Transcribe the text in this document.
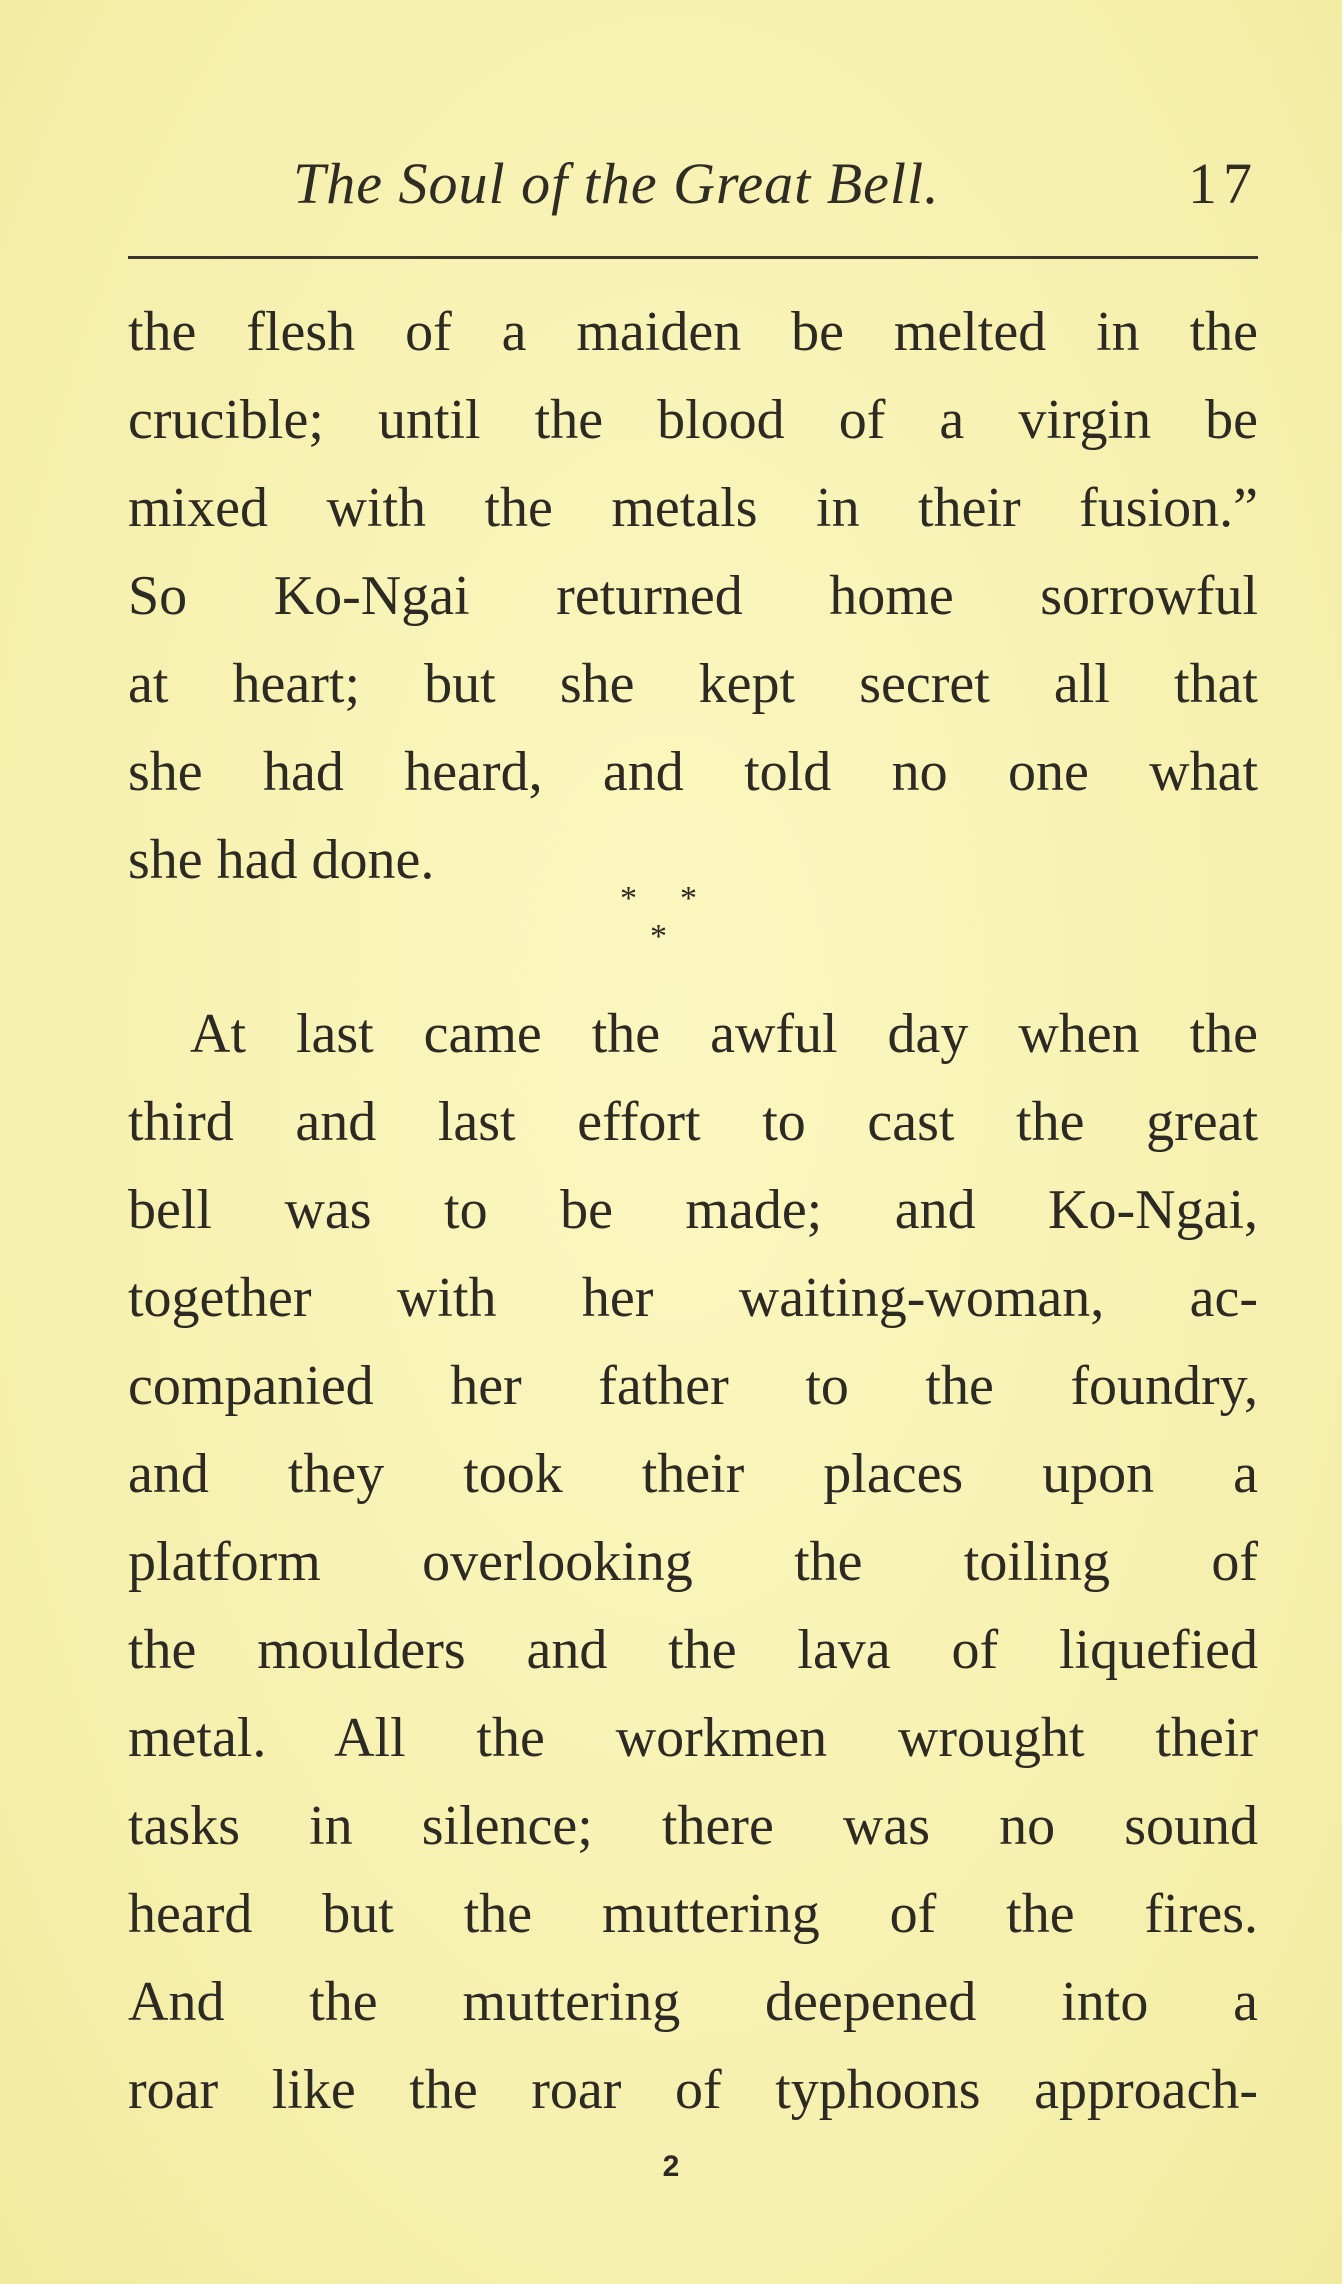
The Soul of the Great Bell.	17
the flesh of a maiden be melted in the
crucible; until the blood of a virgin be
mixed with the metals in their fusion.”
So Ko-Ngai returned home sorrowful
at heart; but she kept secret all that
she had heard, and told no one what
she had done.
* *
*
At last came the awful day when the
third and last effort to cast the great
bell was to be made; and Ko-Ngai,
together with her waiting-woman, ac-
companied her father to the foundry,
and they took their places upon a
platform overlooking the toiling of
the moulders and the lava of liquefied
metal. All the workmen wrought their
tasks in silence; there was no sound
heard but the muttering of the fires.
And the muttering deepened into a
roar like the roar of typhoons approach-
2
